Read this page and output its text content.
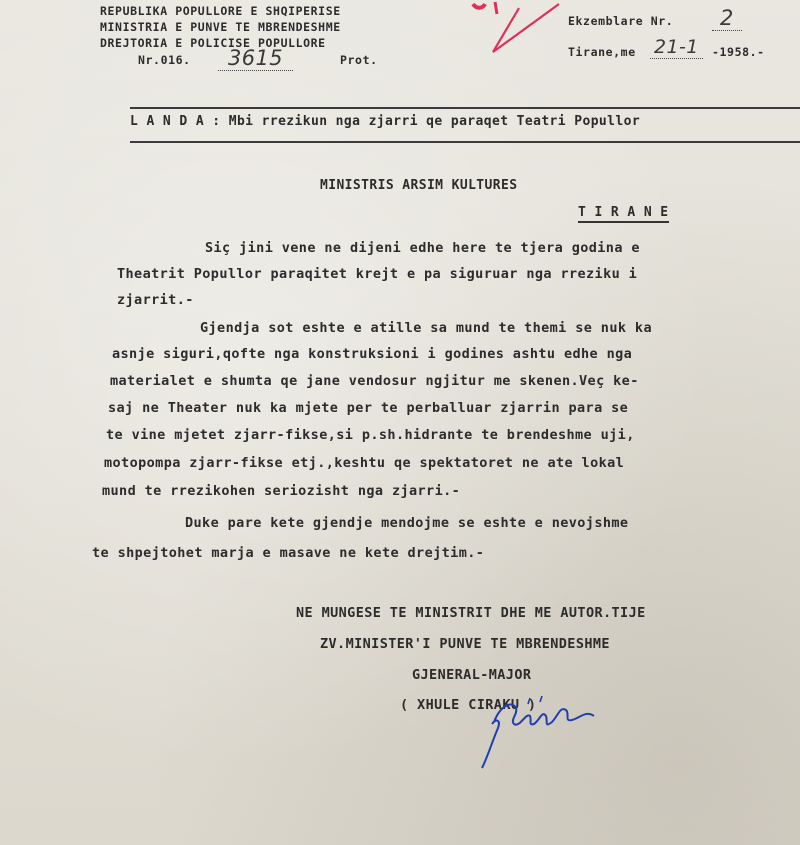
REPUBLIKA POPULLORE E SHQIPERISE
MINISTRIA E PUNVE TE MBRENDESHME
DREJTORIA E POLICISE POPULLORE
Nr.016.	3615	Prot.
Ekzemblare Nr.	2
Tirane,me 21-1	-1958.-
L A N D A : Mbi rrezikun nga zjarri qe paraqet Teatri Popullor
MINISTRIS ARSIM KULTURES
T I R A N E
Siç jini vene ne dijeni edhe here te tjera godina e
Theatrit Popullor paraqitet krejt e pa siguruar nga rreziku i
zjarrit.-
Gjendja sot eshte e atille sa mund te themi se nuk ka
asnje siguri,qofte nga konstruksioni i godines ashtu edhe nga
materialet e shumta qe jane vendosur ngjitur me skenen.Veç ke-
saj ne Theater nuk ka mjete per te perballuar zjarrin para se
te vine mjetet zjarr-fikse,si p.sh.hidrante te brendeshme uji,
motopompa zjarr-fikse etj.,keshtu qe spektatoret ne ate lokal
mund te rrezikohen seriozisht nga zjarri.-
Duke pare kete gjendje mendojme se eshte e nevojshme
te shpejtohet marja e masave ne kete drejtim.-
NE MUNGESE TE MINISTRIT DHE ME AUTOR.TIJE
ZV.MINISTER'I PUNVE TE MBRENDESHME
GJENERAL-MAJOR
( XHULE CIRAKU )
